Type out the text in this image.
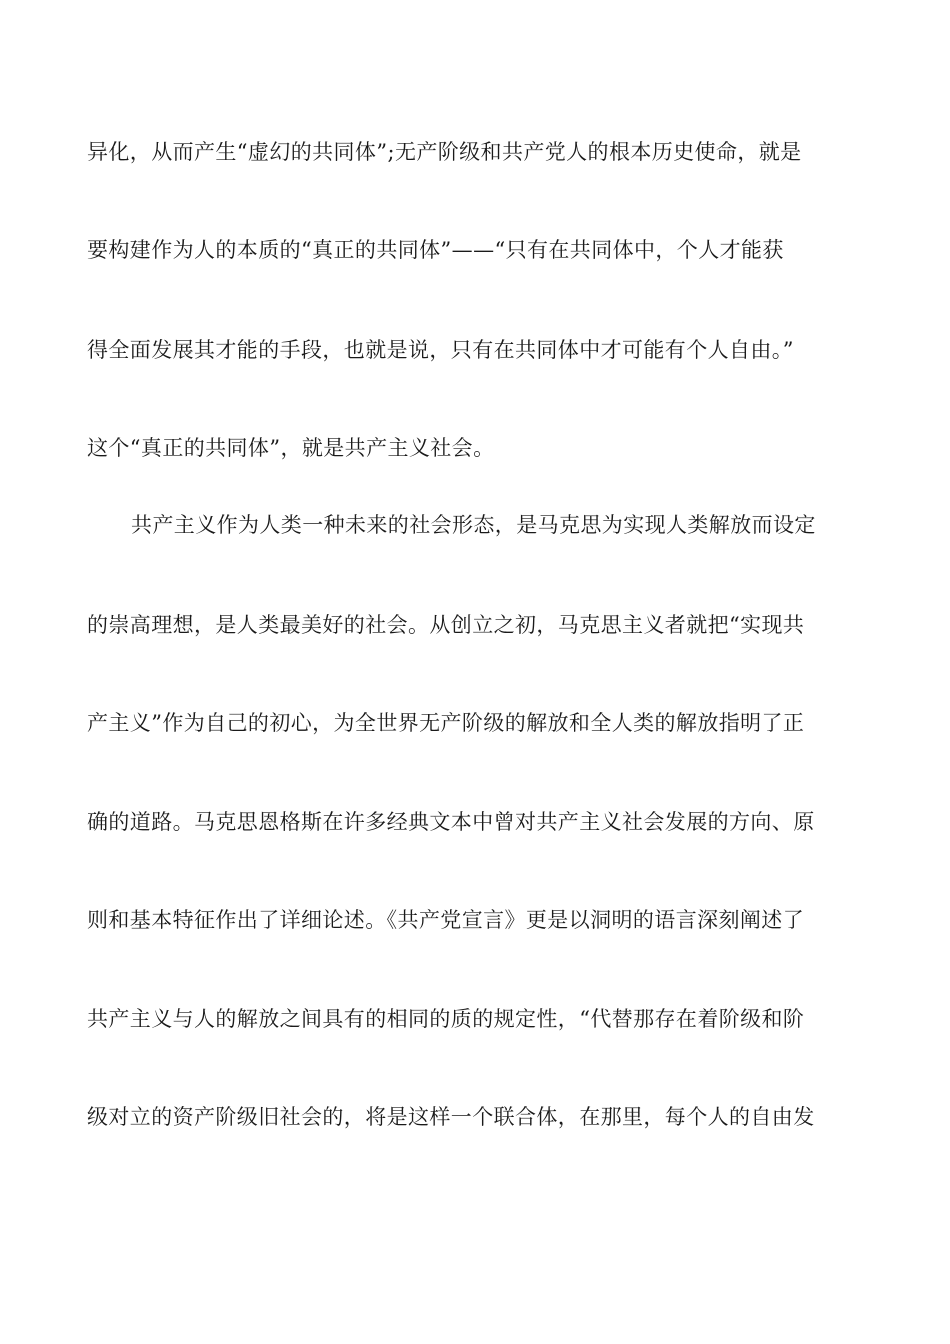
异化，从而产生“虚幻的共同体”;无产阶级和共产党人的根本历史使命，就是
要构建作为人的本质的“真正的共同体”——“只有在共同体中，个人才能获
得全面发展其才能的手段，也就是说，只有在共同体中才可能有个人自由。”
这个“真正的共同体”，就是共产主义社会。
共产主义作为人类一种未来的社会形态，是马克思为实现人类解放而设定
的崇高理想，是人类最美好的社会。从创立之初，马克思主义者就把“实现共
产主义”作为自己的初心，为全世界无产阶级的解放和全人类的解放指明了正
确的道路。马克思恩格斯在许多经典文本中曾对共产主义社会发展的方向、原
则和基本特征作出了详细论述。《共产党宣言》更是以洞明的语言深刻阐述了
共产主义与人的解放之间具有的相同的质的规定性，“代替那存在着阶级和阶
级对立的资产阶级旧社会的，将是这样一个联合体，在那里，每个人的自由发
